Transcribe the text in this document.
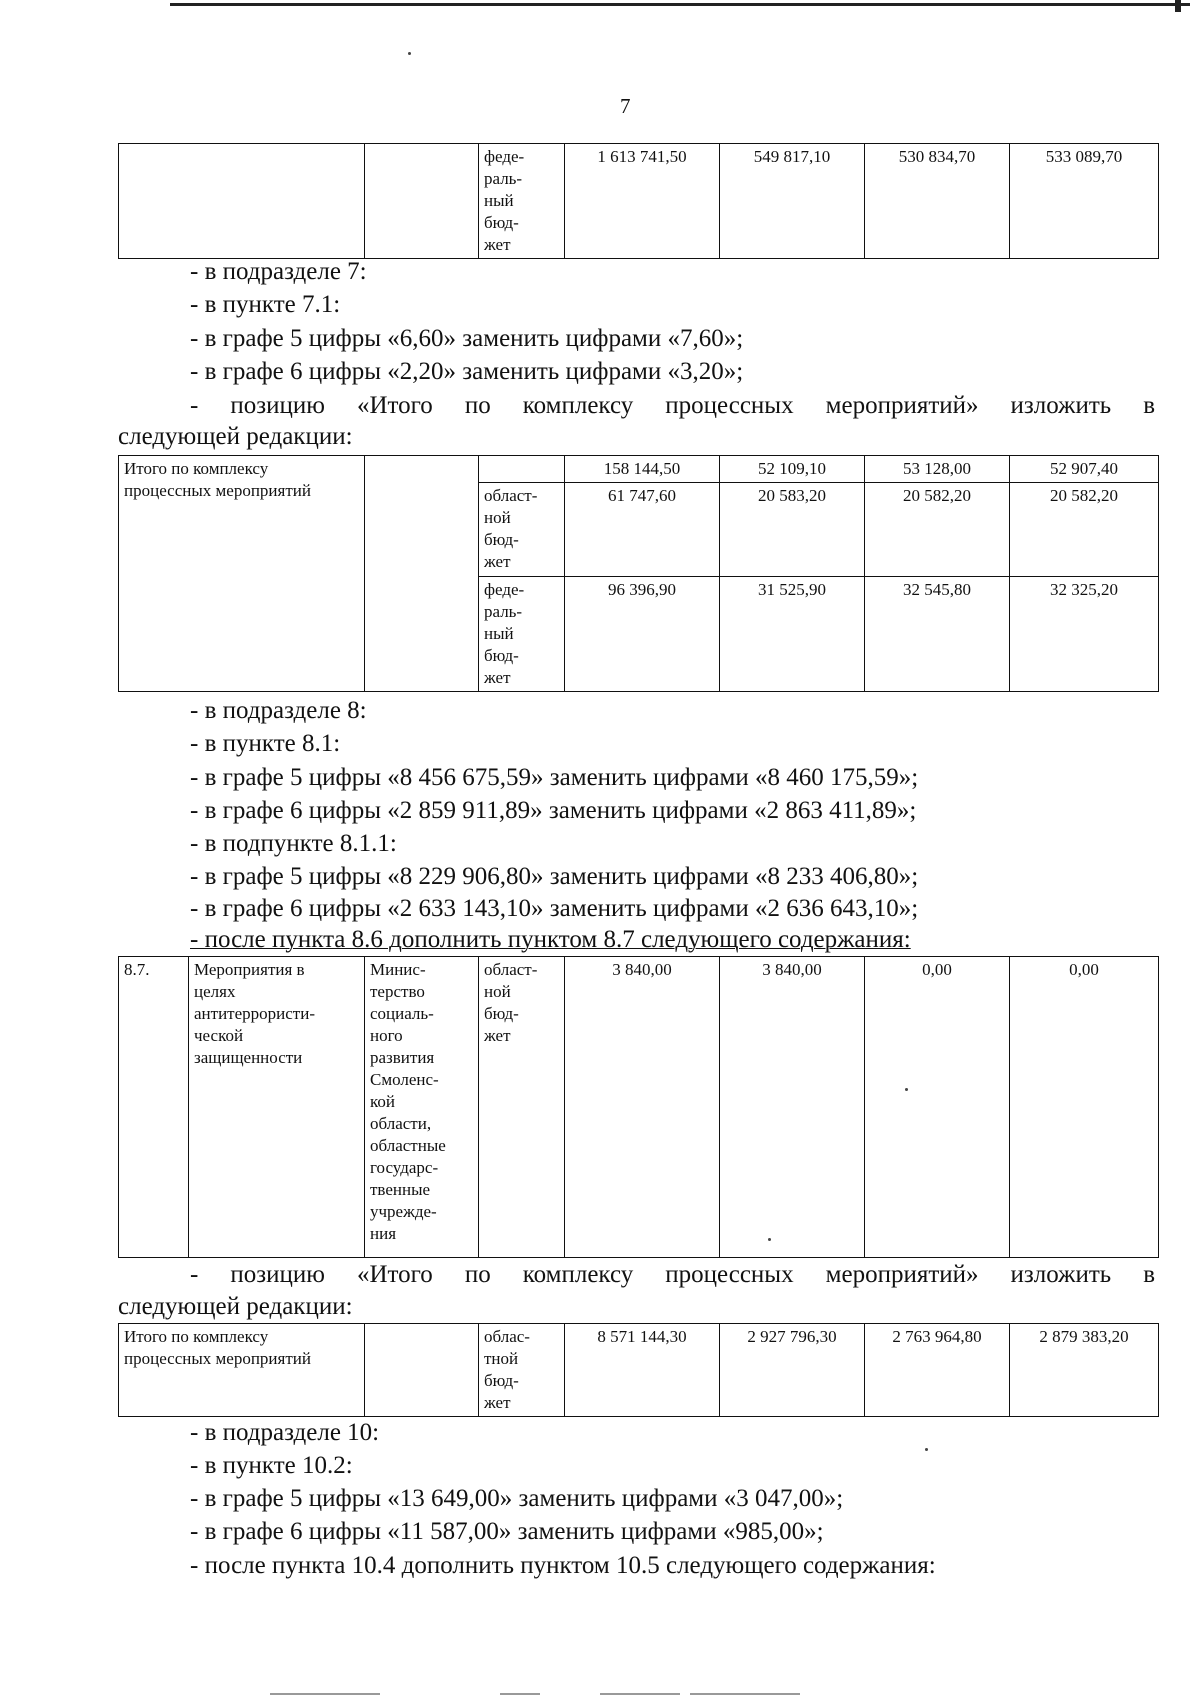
7
		феде-
раль-
ный
бюд-
жет	1 613 741,50	549 817,10	530 834,70	533 089,70
- в подразделе 7:
- в пункте 7.1:
- в графе 5 цифры «6,60» заменить цифрами «7,60»;
- в графе 6 цифры «2,20» заменить цифрами «3,20»;
- позицию «Итого по комплексу процессных мероприятий» изложить в
следующей редакции:
Итого по комплексу процессных мероприятий			158 144,50	52 109,10	53 128,00	52 907,40
		област-
ной
бюд-
жет	61 747,60	20 583,20	20 582,20	20 582,20
		феде-
раль-
ный
бюд-
жет	96 396,90	31 525,90	32 545,80	32 325,20
- в подразделе 8:
- в пункте 8.1:
- в графе 5 цифры «8 456 675,59» заменить цифрами «8 460 175,59»;
- в графе 6 цифры «2 859 911,89» заменить цифрами «2 863 411,89»;
- в подпункте 8.1.1:
- в графе 5 цифры «8 229 906,80» заменить цифрами «8 233 406,80»;
- в графе 6 цифры «2 633 143,10» заменить цифрами «2 636 643,10»;
- после пункта 8.6 дополнить пунктом 8.7 следующего содержания:
8.7.	Мероприятия в
целях
антитеррористи-
ческой
защищенности	Минис-
терство
социаль-
ного
развития
Смоленс-
кой
области,
областные
государс-
твенные
учрежде-
ния	област-
ной
бюд-
жет	3 840,00	3 840,00	0,00	0,00
- позицию «Итого по комплексу процессных мероприятий» изложить в
следующей редакции:
Итого по комплексу процессных мероприятий		облас-
тной
бюд-
жет	8 571 144,30	2 927 796,30	2 763 964,80	2 879 383,20
- в подразделе 10:
- в пункте 10.2:
- в графе 5 цифры «13 649,00» заменить цифрами «3 047,00»;
- в графе 6 цифры «11 587,00» заменить цифрами «985,00»;
- после пункта 10.4 дополнить пунктом 10.5 следующего содержания:
